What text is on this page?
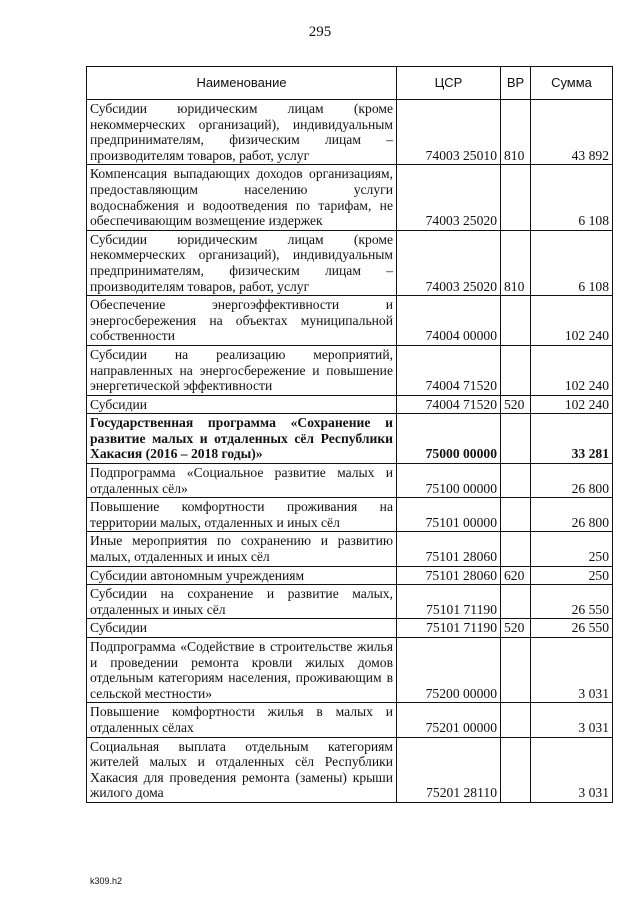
295
Наименование	ЦСР	ВР	Сумма
Субсидии юридическим лицам (кроме некоммерческих организаций), индивидуальным предпринимателям, физическим лицам – производителям товаров, работ, услуг	74003 25010	810	43 892
Компенсация выпадающих доходов организациям, предоставляющим населению услуги водоснабжения и водоотведения по тарифам, не обеспечивающим возмещение издержек	74003 25020		6 108
Субсидии юридическим лицам (кроме некоммерческих организаций), индивидуальным предпринимателям, физическим лицам – производителям товаров, работ, услуг	74003 25020	810	6 108
Обеспечение энергоэффективности и энергосбережения на объектах муниципальной собственности	74004 00000		102 240
Субсидии на реализацию мероприятий, направленных на энергосбережение и повышение энергетической эффективности	74004 71520		102 240
Субсидии	74004 71520	520	102 240
Государственная программа «Сохранение и развитие малых и отдаленных сёл Республики Хакасия (2016 – 2018 годы)»	75000 00000		33 281
Подпрограмма «Социальное развитие малых и отдаленных сёл»	75100 00000		26 800
Повышение комфортности проживания на территории малых, отдаленных и иных сёл	75101 00000		26 800
Иные мероприятия по сохранению и развитию малых, отдаленных и иных сёл	75101 28060		250
Субсидии автономным учреждениям	75101 28060	620	250
Субсидии на сохранение и развитие малых, отдаленных и иных сёл	75101 71190		26 550
Субсидии	75101 71190	520	26 550
Подпрограмма «Содействие в строительстве жилья и проведении ремонта кровли жилых домов отдельным категориям населения, проживающим в сельской местности»	75200 00000		3 031
Повышение комфортности жилья в малых и отдаленных сёлах	75201 00000		3 031
Социальная выплата отдельным категориям жителей малых и отдаленных сёл Республики Хакасия для проведения ремонта (замены) крыши жилого дома	75201 28110		3 031
k309.h2
